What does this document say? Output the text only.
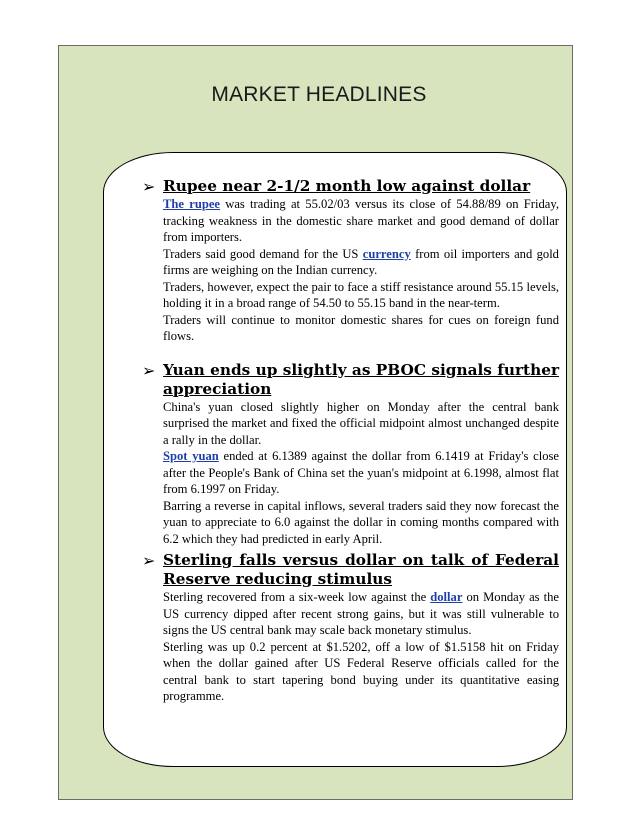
MARKET HEADLINES
➢ Rupee near 2-1/2 month low against dollar
The rupee was trading at 55.02/03 versus its close of 54.88/89 on Friday, tracking weakness in the domestic share market and good demand of dollar from importers.
Traders said good demand for the US currency from oil importers and gold firms are weighing on the Indian currency.
Traders, however, expect the pair to face a stiff resistance around 55.15 levels, holding it in a broad range of 54.50 to 55.15 band in the near-term.
Traders will continue to monitor domestic shares for cues on foreign fund flows.
➢ Yuan ends up slightly as PBOC signals further appreciation
China's yuan closed slightly higher on Monday after the central bank surprised the market and fixed the official midpoint almost unchanged despite a rally in the dollar.
Spot yuan ended at 6.1389 against the dollar from 6.1419 at Friday's close after the People's Bank of China set the yuan's midpoint at 6.1998, almost flat from 6.1997 on Friday.
Barring a reverse in capital inflows, several traders said they now forecast the yuan to appreciate to 6.0 against the dollar in coming months compared with 6.2 which they had predicted in early April.
➢ Sterling falls versus dollar on talk of Federal Reserve reducing stimulus
Sterling recovered from a six-week low against the dollar on Monday as the US currency dipped after recent strong gains, but it was still vulnerable to signs the US central bank may scale back monetary stimulus.
Sterling was up 0.2 percent at $1.5202, off a low of $1.5158 hit on Friday when the dollar gained after US Federal Reserve officials called for the central bank to start tapering bond buying under its quantitative easing programme.
